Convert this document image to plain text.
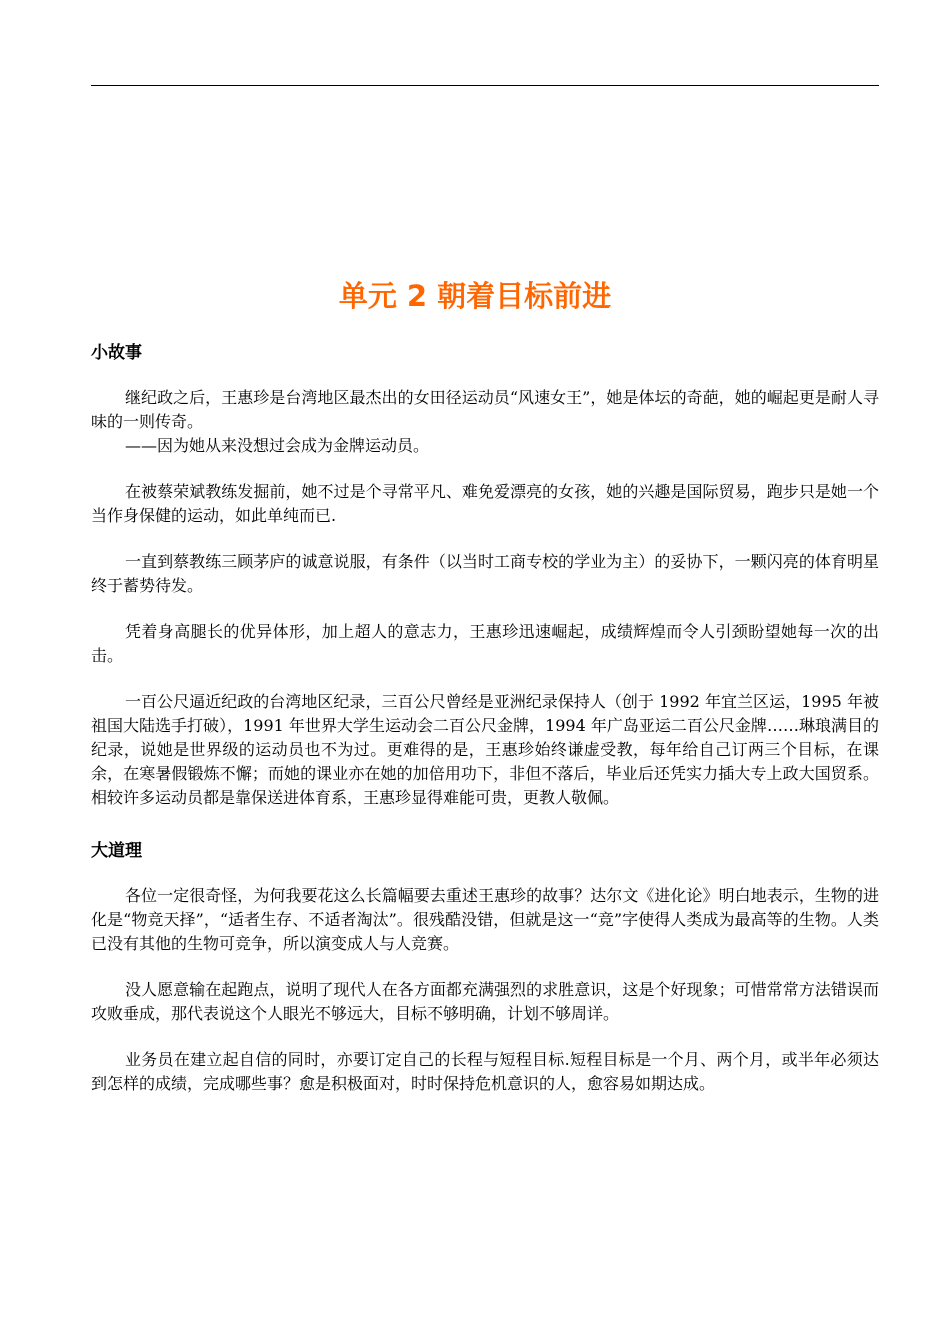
单元 2 朝着目标前进
小故事

继纪政之后，王惠珍是台湾地区最杰出的女田径运动员“风速女王”，她是体坛的奇葩，她的崛起更是耐人寻味的一则传奇。

——因为她从来没想过会成为金牌运动员。

在被蔡荣斌教练发掘前，她不过是个寻常平凡、难免爱漂亮的女孩，她的兴趣是国际贸易，跑步只是她一个当作身保健的运动，如此单纯而已.

一直到蔡教练三顾茅庐的诚意说服，有条件（以当时工商专校的学业为主）的妥协下，一颗闪亮的体育明星终于蓄势待发。

凭着身高腿长的优异体形，加上超人的意志力，王惠珍迅速崛起，成绩辉煌而令人引颈盼望她每一次的出击。

一百公尺逼近纪政的台湾地区纪录，三百公尺曾经是亚洲纪录保持人（创于 1992 年宜兰区运，1995 年被祖国大陆选手打破），1991 年世界大学生运动会二百公尺金牌，1994 年广岛亚运二百公尺金牌……琳琅满目的纪录，说她是世界级的运动员也不为过。更难得的是，王惠珍始终谦虚受教，每年给自己订两三个目标，在课余，在寒暑假锻炼不懈；而她的课业亦在她的加倍用功下，非但不落后，毕业后还凭实力插大专上政大国贸系。相较许多运动员都是靠保送进体育系，王惠珍显得难能可贵，更教人敬佩。

大道理

各位一定很奇怪，为何我要花这么长篇幅要去重述王惠珍的故事？达尔文《进化论》明白地表示，生物的进化是“物竞天择”，“适者生存、不适者淘汰”。很残酷没错，但就是这一“竞”字使得人类成为最高等的生物。人类已没有其他的生物可竞争，所以演变成人与人竞赛。

没人愿意输在起跑点，说明了现代人在各方面都充满强烈的求胜意识，这是个好现象；可惜常常方法错误而攻败垂成，那代表说这个人眼光不够远大，目标不够明确，计划不够周详。

业务员在建立起自信的同时，亦要订定自己的长程与短程目标.短程目标是一个月、两个月，或半年必须达到怎样的成绩，完成哪些事？愈是积极面对，时时保持危机意识的人，愈容易如期达成。
